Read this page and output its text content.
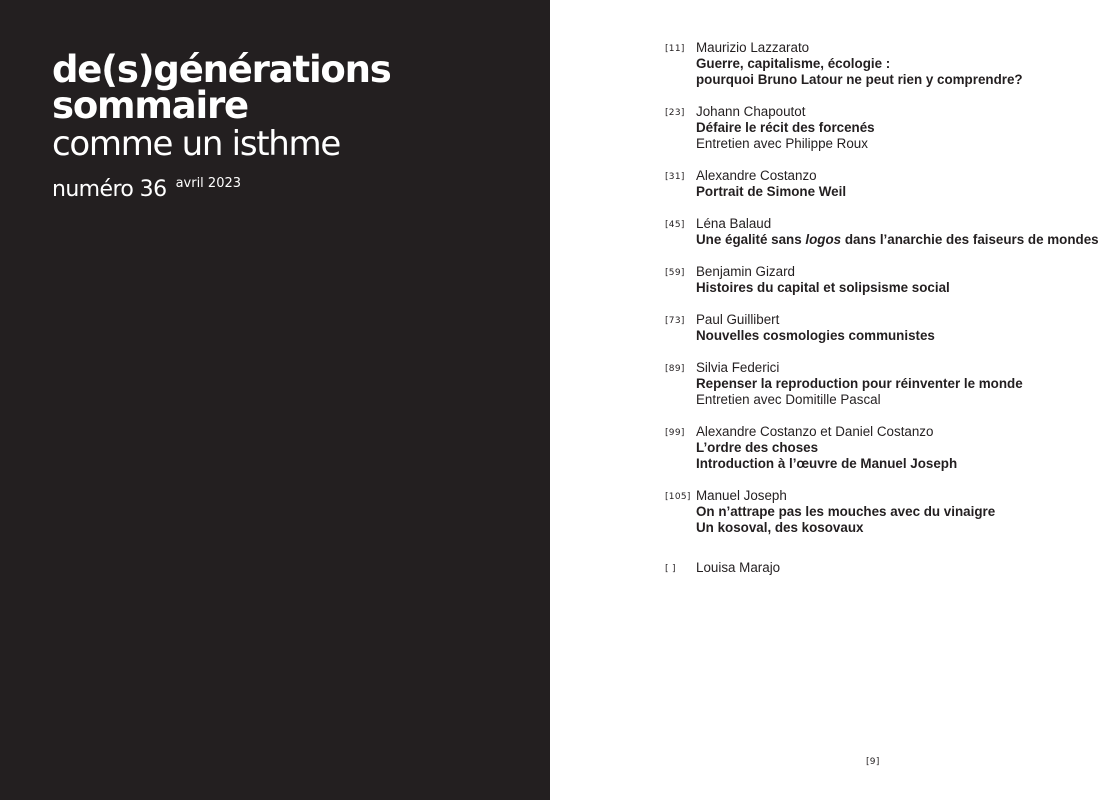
de(s)générations
sommaire
comme un isthme
numéro 36 $^{avril 2023}$
[11] Maurizio Lazzarato
Guerre, capitalisme, écologie :
pourquoi Bruno Latour ne peut rien y comprendre?
[23] Johann Chapoutot
Défaire le récit des forcenés
Entretien avec Philippe Roux
[31] Alexandre Costanzo
Portrait de Simone Weil
[45] Léna Balaud
Une égalité sans logos dans l’anarchie des faiseurs de mondes
[59] Benjamin Gizard
Histoires du capital et solipsisme social
[73] Paul Guillibert
Nouvelles cosmologies communistes
[89] Silvia Federici
Repenser la reproduction pour réinventer le monde
Entretien avec Domitille Pascal
[99] Alexandre Costanzo et Daniel Costanzo
L’ordre des choses
Introduction à l’œuvre de Manuel Joseph
[105] Manuel Joseph
On n’attrape pas les mouches avec du vinaigre
Un kosoval, des kosovaux
[ ] Louisa Marajo
[9]
